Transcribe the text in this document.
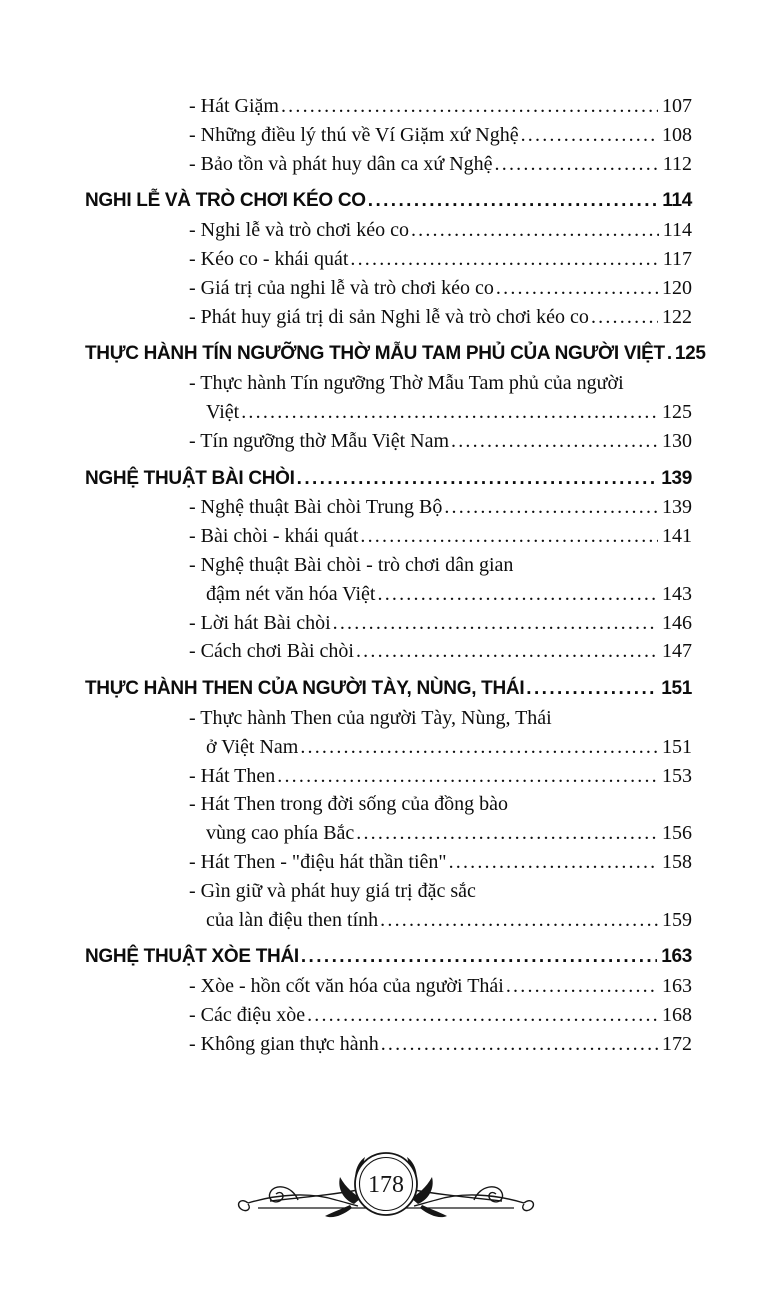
- Hát Giặm .....	107
- Những điều lý thú về Ví Giặm xứ Nghệ .....	108
- Bảo tồn và phát huy dân ca xứ Nghệ .....	112
NGHI LỄ VÀ TRÒ CHƠI KÉO CO .....	114
- Nghi lễ và trò chơi kéo co .....	114
- Kéo co - khái quát .....	117
- Giá trị của nghi lễ và trò chơi kéo co .....	120
- Phát huy giá trị di sản Nghi lễ và trò chơi kéo co .....	122
THỰC HÀNH TÍN NGƯỠNG THỜ MẪU TAM PHỦ CỦA NGƯỜI VIỆT ..... 125
- Thực hành Tín ngưỡng Thờ Mẫu Tam phủ của người
Việt .....	125
- Tín ngưỡng thờ Mẫu Việt Nam .....	130
NGHỆ THUẬT BÀI CHÒI .....	139
- Nghệ thuật Bài chòi Trung Bộ .....	139
- Bài chòi - khái quát .....	141
- Nghệ thuật Bài chòi - trò chơi dân gian
đậm nét văn hóa Việt .....	143
- Lời hát Bài chòi .....	146
- Cách chơi Bài chòi .....	147
THỰC HÀNH THEN CỦA NGƯỜI TÀY, NÙNG, THÁI .....	151
- Thực hành Then của người Tày, Nùng, Thái
ở Việt Nam .....	151
- Hát Then .....	153
- Hát Then trong đời sống của đồng bào
vùng cao phía Bắc .....	156
- Hát Then - "điệu hát thần tiên" .....	158
- Gìn giữ và phát huy giá trị đặc sắc
của làn điệu then tính .....	159
NGHỆ THUẬT XÒE THÁI .....	163
- Xòe - hồn cốt văn hóa của người Thái .....	163
- Các điệu xòe .....	168
- Không gian thực hành .....	172
178
